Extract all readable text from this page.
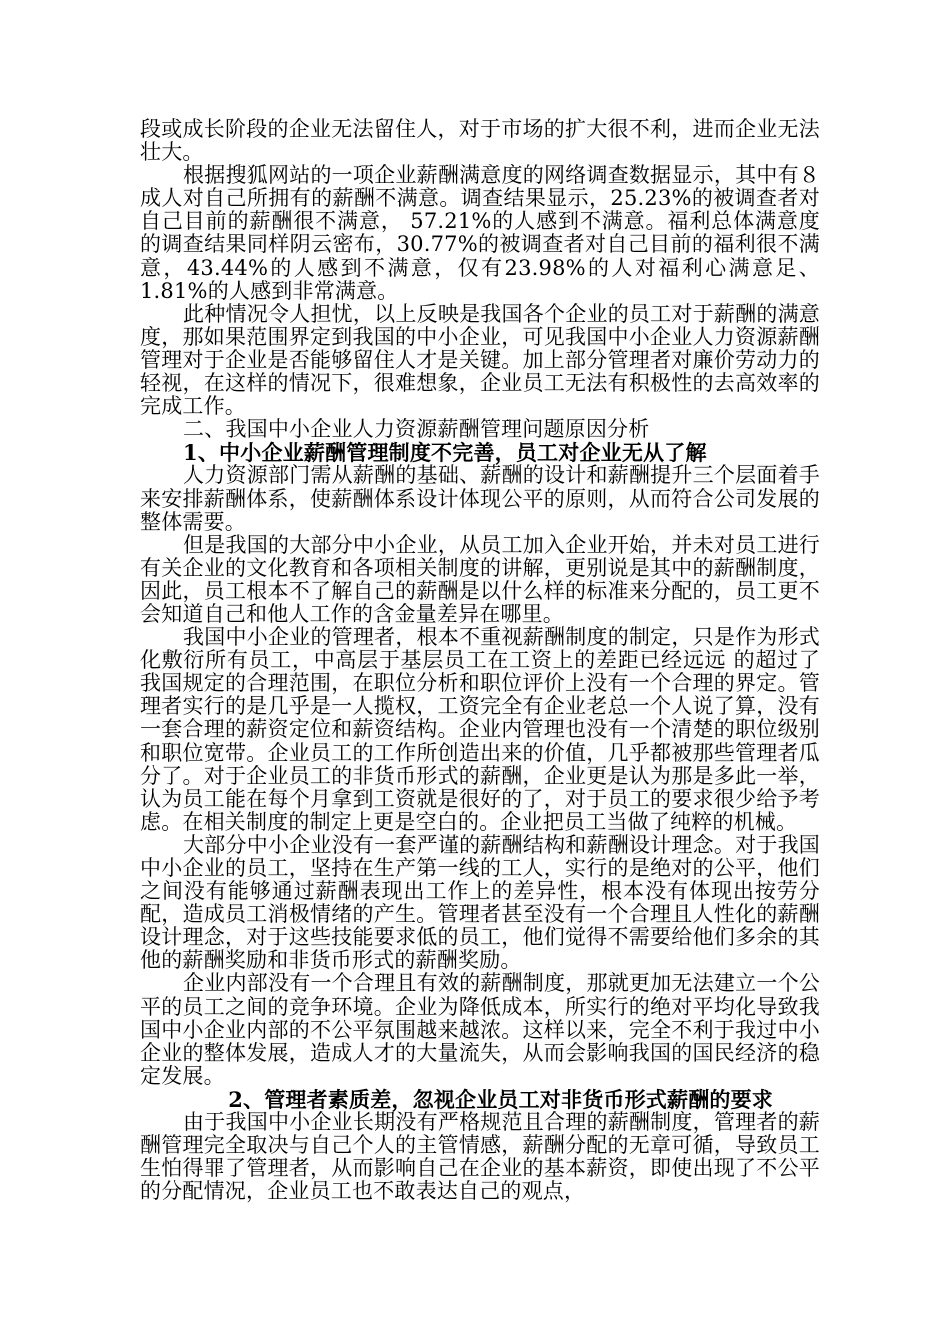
段或成长阶段的企业无法留住人，对于市场的扩大很不利，进而企业无法壮大。

根据搜狐网站的一项企业薪酬满意度的网络调查数据显示，其中有８成人对自己所拥有的薪酬不满意。调查结果显示，25.23%的被调查者对自己目前的薪酬很不满意， 57.21%的人感到不满意。福利总体满意度的调查结果同样阴云密布，30.77%的被调查者对自己目前的福利很不满意，43.44%的人感到不满意，仅有23.98%的人对福利心满意足、 1.81%的人感到非常满意。

此种情况令人担忧，以上反映是我国各个企业的员工对于薪酬的满意度，那如果范围界定到我国的中小企业，可见我国中小企业人力资源薪酬管理对于企业是否能够留住人才是关键。加上部分管理者对廉价劳动力的轻视，在这样的情况下，很难想象，企业员工无法有积极性的去高效率的完成工作。

二、我国中小企业人力资源薪酬管理问题原因分析

1、中小企业薪酬管理制度不完善，员工对企业无从了解

人力资源部门需从薪酬的基础、薪酬的设计和薪酬提升三个层面着手来安排薪酬体系，使薪酬体系设计体现公平的原则，从而符合公司发展的整体需要。

但是我国的大部分中小企业，从员工加入企业开始，并未对员工进行有关企业的文化教育和各项相关制度的讲解，更别说是其中的薪酬制度，因此，员工根本不了解自己的薪酬是以什么样的标准来分配的，员工更不会知道自己和他人工作的含金量差异在哪里。

我国中小企业的管理者，根本不重视薪酬制度的制定，只是作为形式化敷衍所有员工，中高层于基层员工在工资上的差距已经远远 的超过了我国规定的合理范围，在职位分析和职位评价上没有一个合理的界定。管理者实行的是几乎是一人揽权，工资完全有企业老总一个人说了算，没有一套合理的薪资定位和薪资结构。企业内管理也没有一个清楚的职位级别和职位宽带。企业员工的工作所创造出来的价值，几乎都被那些管理者瓜分了。对于企业员工的非货币形式的薪酬，企业更是认为那是多此一举，认为员工能在每个月拿到工资就是很好的了，对于员工的要求很少给予考虑。在相关制度的制定上更是空白的。企业把员工当做了纯粹的机械。

大部分中小企业没有一套严谨的薪酬结构和薪酬设计理念。对于我国中小企业的员工，坚持在生产第一线的工人，实行的是绝对的公平，他们之间没有能够通过薪酬表现出工作上的差异性，根本没有体现出按劳分配，造成员工消极情绪的产生。管理者甚至没有一个合理且人性化的薪酬设计理念，对于这些技能要求低的员工，他们觉得不需要给他们多余的其他的薪酬奖励和非货币形式的薪酬奖励。

企业内部没有一个合理且有效的薪酬制度，那就更加无法建立一个公平的员工之间的竞争环境。企业为降低成本，所实行的绝对平均化导致我国中小企业内部的不公平氛围越来越浓。这样以来，完全不利于我过中小企业的整体发展，造成人才的大量流失，从而会影响我国的国民经济的稳定发展。

2、管理者素质差，忽视企业员工对非货币形式薪酬的要求

由于我国中小企业长期没有严格规范且合理的薪酬制度，管理者的薪酬管理完全取决与自己个人的主管情感，薪酬分配的无章可循，导致员工生怕得罪了管理者，从而影响自己在企业的基本薪资，即使出现了不公平的分配情况，企业员工也不敢表达自己的观点，
